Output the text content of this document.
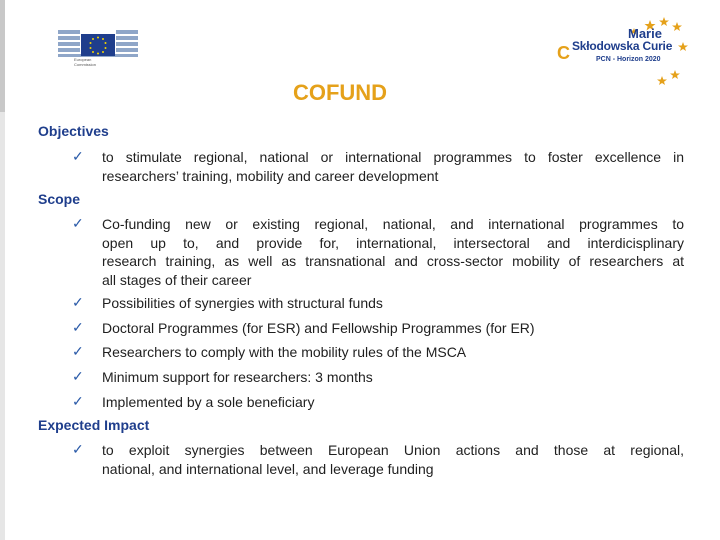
European
Commission
C
Marie
Skłodowska Curie
PCN - Horizon 2020
COFUND
Objectives
✓ to stimulate regional, national or international programmes to foster excellence in
researchers’ training, mobility and career development
Scope
✓ Co-funding new or existing regional, national, and international programmes to
open up to, and provide for, international, intersectoral and interdicisplinary
research training, as well as transnational and cross-sector mobility of researchers at
all stages of their career
✓ Possibilities of synergies with structural funds
✓ Doctoral Programmes (for ESR) and Fellowship Programmes (for ER)
✓ Researchers to comply with the mobility rules of the MSCA
✓ Minimum support for researchers: 3 months
✓ Implemented by a sole beneficiary
Expected Impact
✓ to exploit synergies between European Union actions and those at regional,
national, and international level, and leverage funding
